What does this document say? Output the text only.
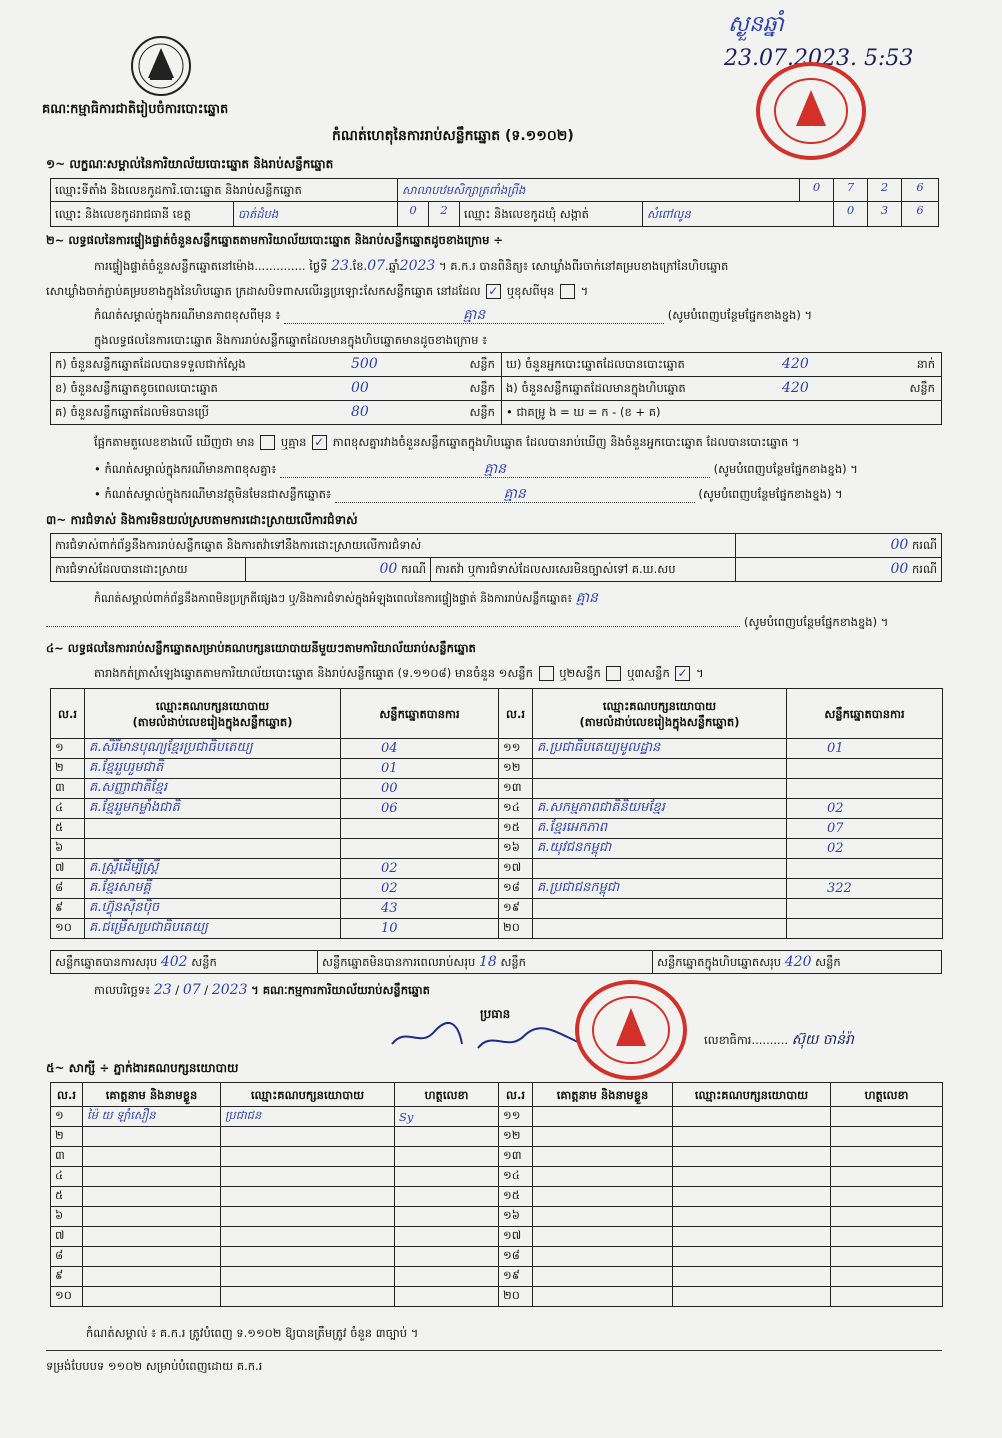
គណៈកម្មាធិការជាតិរៀបចំការបោះឆ្នោត
ស្ងួនឆ្នាំ
23.07.2023. 5:53
កំណត់ហេតុនៃការរាប់សន្លឹកឆ្នោត (ទ.១១០២)
១~ លក្ខណៈសម្គាល់នៃការិយាល័យបោះឆ្នោត និងរាប់សន្លឹកឆ្នោត
ឈ្មោះទីតាំង និងលេខកូដការិ.បោះឆ្នោត និងរាប់សន្លឹកឆ្នោត	សាលាបឋមសិក្សាត្រពាំងព្រីង	0	7	2	6
ឈ្មោះ និងលេខកូដរាជធានី ខេត្ត	បាត់ដំបង	0	2	ឈ្មោះ និងលេខកូដឃុំ សង្កាត់	សំពៅលូន	0	3	6
២~ លទ្ធផលនៃការផ្ទៀងផ្ទាត់ចំនួនសន្លឹកឆ្នោតតាមការិយាល័យបោះឆ្នោត និងរាប់សន្លឹកឆ្នោតដូចខាងក្រោម ÷
ការផ្ទៀងផ្ទាត់ចំនួនសន្លឹកឆ្នោតនៅម៉ោង.............. ថ្ងៃទី 23.ខែ.07.ឆ្នាំ2023 ។ គ.ក.រ បានពិនិត្យ៖ សោឃ្លាំងពីរចាក់នៅគម្របខាងក្រៅនៃហិបឆ្នោត
សោឃ្លាំងចាក់ភ្ជាប់គម្របខាងក្នុងនៃហិបឆ្នោត ក្រដាសបិទពាសលើរន្ធប្រឡោះសែកសន្លឹកឆ្នោត នៅដដែល ✓ ឬខុសពីមុន  ។
កំណត់សម្គាល់ក្នុងករណីមានភាពខុសពីមុន ៖	គ្មាន	(សូមបំពេញបន្ថែមផ្នែកខាងខ្នង) ។
ក្នុងលទ្ធផលនៃការបោះឆ្នោត និងការរាប់សន្លឹកឆ្នោតដែលមានក្នុងហិបឆ្នោតមានដូចខាងក្រោម ៖
ក) ចំនួនសន្លឹកឆ្នោតដែលបានទទួលជាក់ស្តែង	500	សន្លឹក ឃ) ចំនួនអ្នកបោះឆ្នោតដែលបានបោះឆ្នោត	420	នាក់
ខ) ចំនួនសន្លឹកឆ្នោតខូចពេលបោះឆ្នោត	00	សន្លឹក ង) ចំនួនសន្លឹកឆ្នោតដែលមានក្នុងហិបឆ្នោត	420	សន្លឹក
គ) ចំនួនសន្លឹកឆ្នោតដែលមិនបានប្រើ	80	សន្លឹក • ជាគម្រូ ង = ឃ = ក - (ខ + គ)
ផ្អែកតាមតួលេខខាងលើ ឃើញថា មាន ឬគ្មាន ✓ ភាពខុសគ្នារវាងចំនួនសន្លឹកឆ្នោតក្នុងហិបឆ្នោត ដែលបានរាប់ឃើញ និងចំនួនអ្នកបោះឆ្នោត ដែលបានបោះឆ្នោត ។
• កំណត់សម្គាល់ក្នុងករណីមានភាពខុសគ្នា៖	គ្មាន	(សូមបំពេញបន្ថែមផ្នែកខាងខ្នង) ។
• កំណត់សម្គាល់ក្នុងករណីមានវត្ថុមិនមែនជាសន្លឹកឆ្នោត៖	គ្មាន	(សូមបំពេញបន្ថែមផ្នែកខាងខ្នង) ។
៣~ ការជំទាស់ និងការមិនយល់ស្របតាមការដោះស្រាយលើការជំទាស់
ការជំទាស់ពាក់ព័ន្ធនឹងការរាប់សន្លឹកឆ្នោត និងការតវ៉ាទៅនឹងការដោះស្រាយលើការជំទាស់	00 ករណី
ការជំទាស់ដែលបានដោះស្រាយ	00 ករណី ការតវ៉ា ឬការជំទាស់ដែលសរសេរមិនច្បាស់ទៅ គ.ឃ.សប	00 ករណី
កំណត់សម្គាល់ពាក់ព័ន្ធនឹងភាពមិនប្រក្រតីផ្សេងៗ ឬ/និងការជំទាស់ក្នុងអំឡុងពេលនៃការផ្ទៀងផ្ទាត់ និងការរាប់សន្លឹកឆ្នោត៖ គ្មាន
(សូមបំពេញបន្ថែមផ្នែកខាងខ្នង) ។
៤~ លទ្ធផលនៃការរាប់សន្លឹកឆ្នោតសម្រាប់គណបក្សនយោបាយនីមួយៗតាមការិយាល័យរាប់សន្លឹកឆ្នោត
តារាងកត់ត្រាសំឡេងឆ្នោតតាមការិយាល័យបោះឆ្នោត និងរាប់សន្លឹកឆ្នោត (ទ.១១០៨) មានចំនួន ១សន្លឹក ឬ២សន្លឹក ឬ៣សន្លឹក ✓ ។
ល.រ	ឈ្មោះគណបក្សនយោបាយ
(តាមលំដាប់លេខរៀងក្នុងសន្លឹកឆ្នោត)	សន្លឹកឆ្នោតបានការ	ល.រ	ឈ្មោះគណបក្សនយោបាយ
(តាមលំដាប់លេខរៀងក្នុងសន្លឹកឆ្នោត)	សន្លឹកឆ្នោតបានការ
១	គ.សិរីមានបុណ្យខ្មែរប្រជាធិបតេយ្យ	04	១១	គ.ប្រជាធិបតេយ្យមូលដ្ឋាន	01
២	គ.ខ្មែររួបរួមជាតិ	01	១២		
៣	គ.សញ្ញាជាតិខ្មែរ	00	១៣		
៤	គ.ខ្មែររួមកម្លាំងជាតិ	06	១៤	គ.សកម្មភាពជាតិនិយមខ្មែរ	02
៥			១៥	គ.ខ្មែរអេកភាព	07
៦			១៦	គ.យុវជនកម្ពុជា	02
៧	គ.ស្ត្រីដើម្បីស្ត្រី	02	១៧		
៨	គ.ខ្មែរសាមគ្គី	02	១៨	គ.ប្រជាជនកម្ពុជា	322
៩	គ.ហ៊្វុនស៊ិនប៉ិច	43	១៩		
១០	គ.ជម្រើសប្រជាធិបតេយ្យ	10	២០		
សន្លឹកឆ្នោតបានការសរុប 402 សន្លឹក	សន្លឹកឆ្នោតមិនបានការពេលរាប់សរុប 18 សន្លឹក	សន្លឹកឆ្នោតក្នុងហិបឆ្នោតសរុប 420 សន្លឹក
កាលបរិច្ឆេទ៖ 23 / 07 / 2023 ។ គណៈកម្មការការិយាល័យរាប់សន្លឹកឆ្នោត
ប្រធាន
លេខាធិការ.......... ស៊ុយ ចាន់រ៉ា
៥~ សាក្សី ÷ ភ្នាក់ងារគណបក្សនយោបាយ
ល.រ	គោត្តនាម និងនាមខ្លួន	ឈ្មោះគណបក្សនយោបាយ	ហត្ថលេខា	ល.រ	គោត្តនាម និងនាមខ្លួន	ឈ្មោះគណបក្សនយោបាយ	ហត្ថលេខា
១	ម៉ៃ យ ឡាំសឿន	ប្រជាជន	Sy	១១			
២				១២			
៣				១៣			
៤				១៤			
៥				១៥			
៦				១៦			
៧				១៧			
៨				១៨			
៩				១៩			
១០				២០			
កំណត់សម្គាល់ ៖ គ.ក.រ ត្រូវបំពេញ ទ.១១០២ ឱ្យបានត្រឹមត្រូវ ចំនួន ៣ច្បាប់ ។
ទម្រង់បែបបទ ១១០២ សម្រាប់បំពេញដោយ គ.ក.រ
